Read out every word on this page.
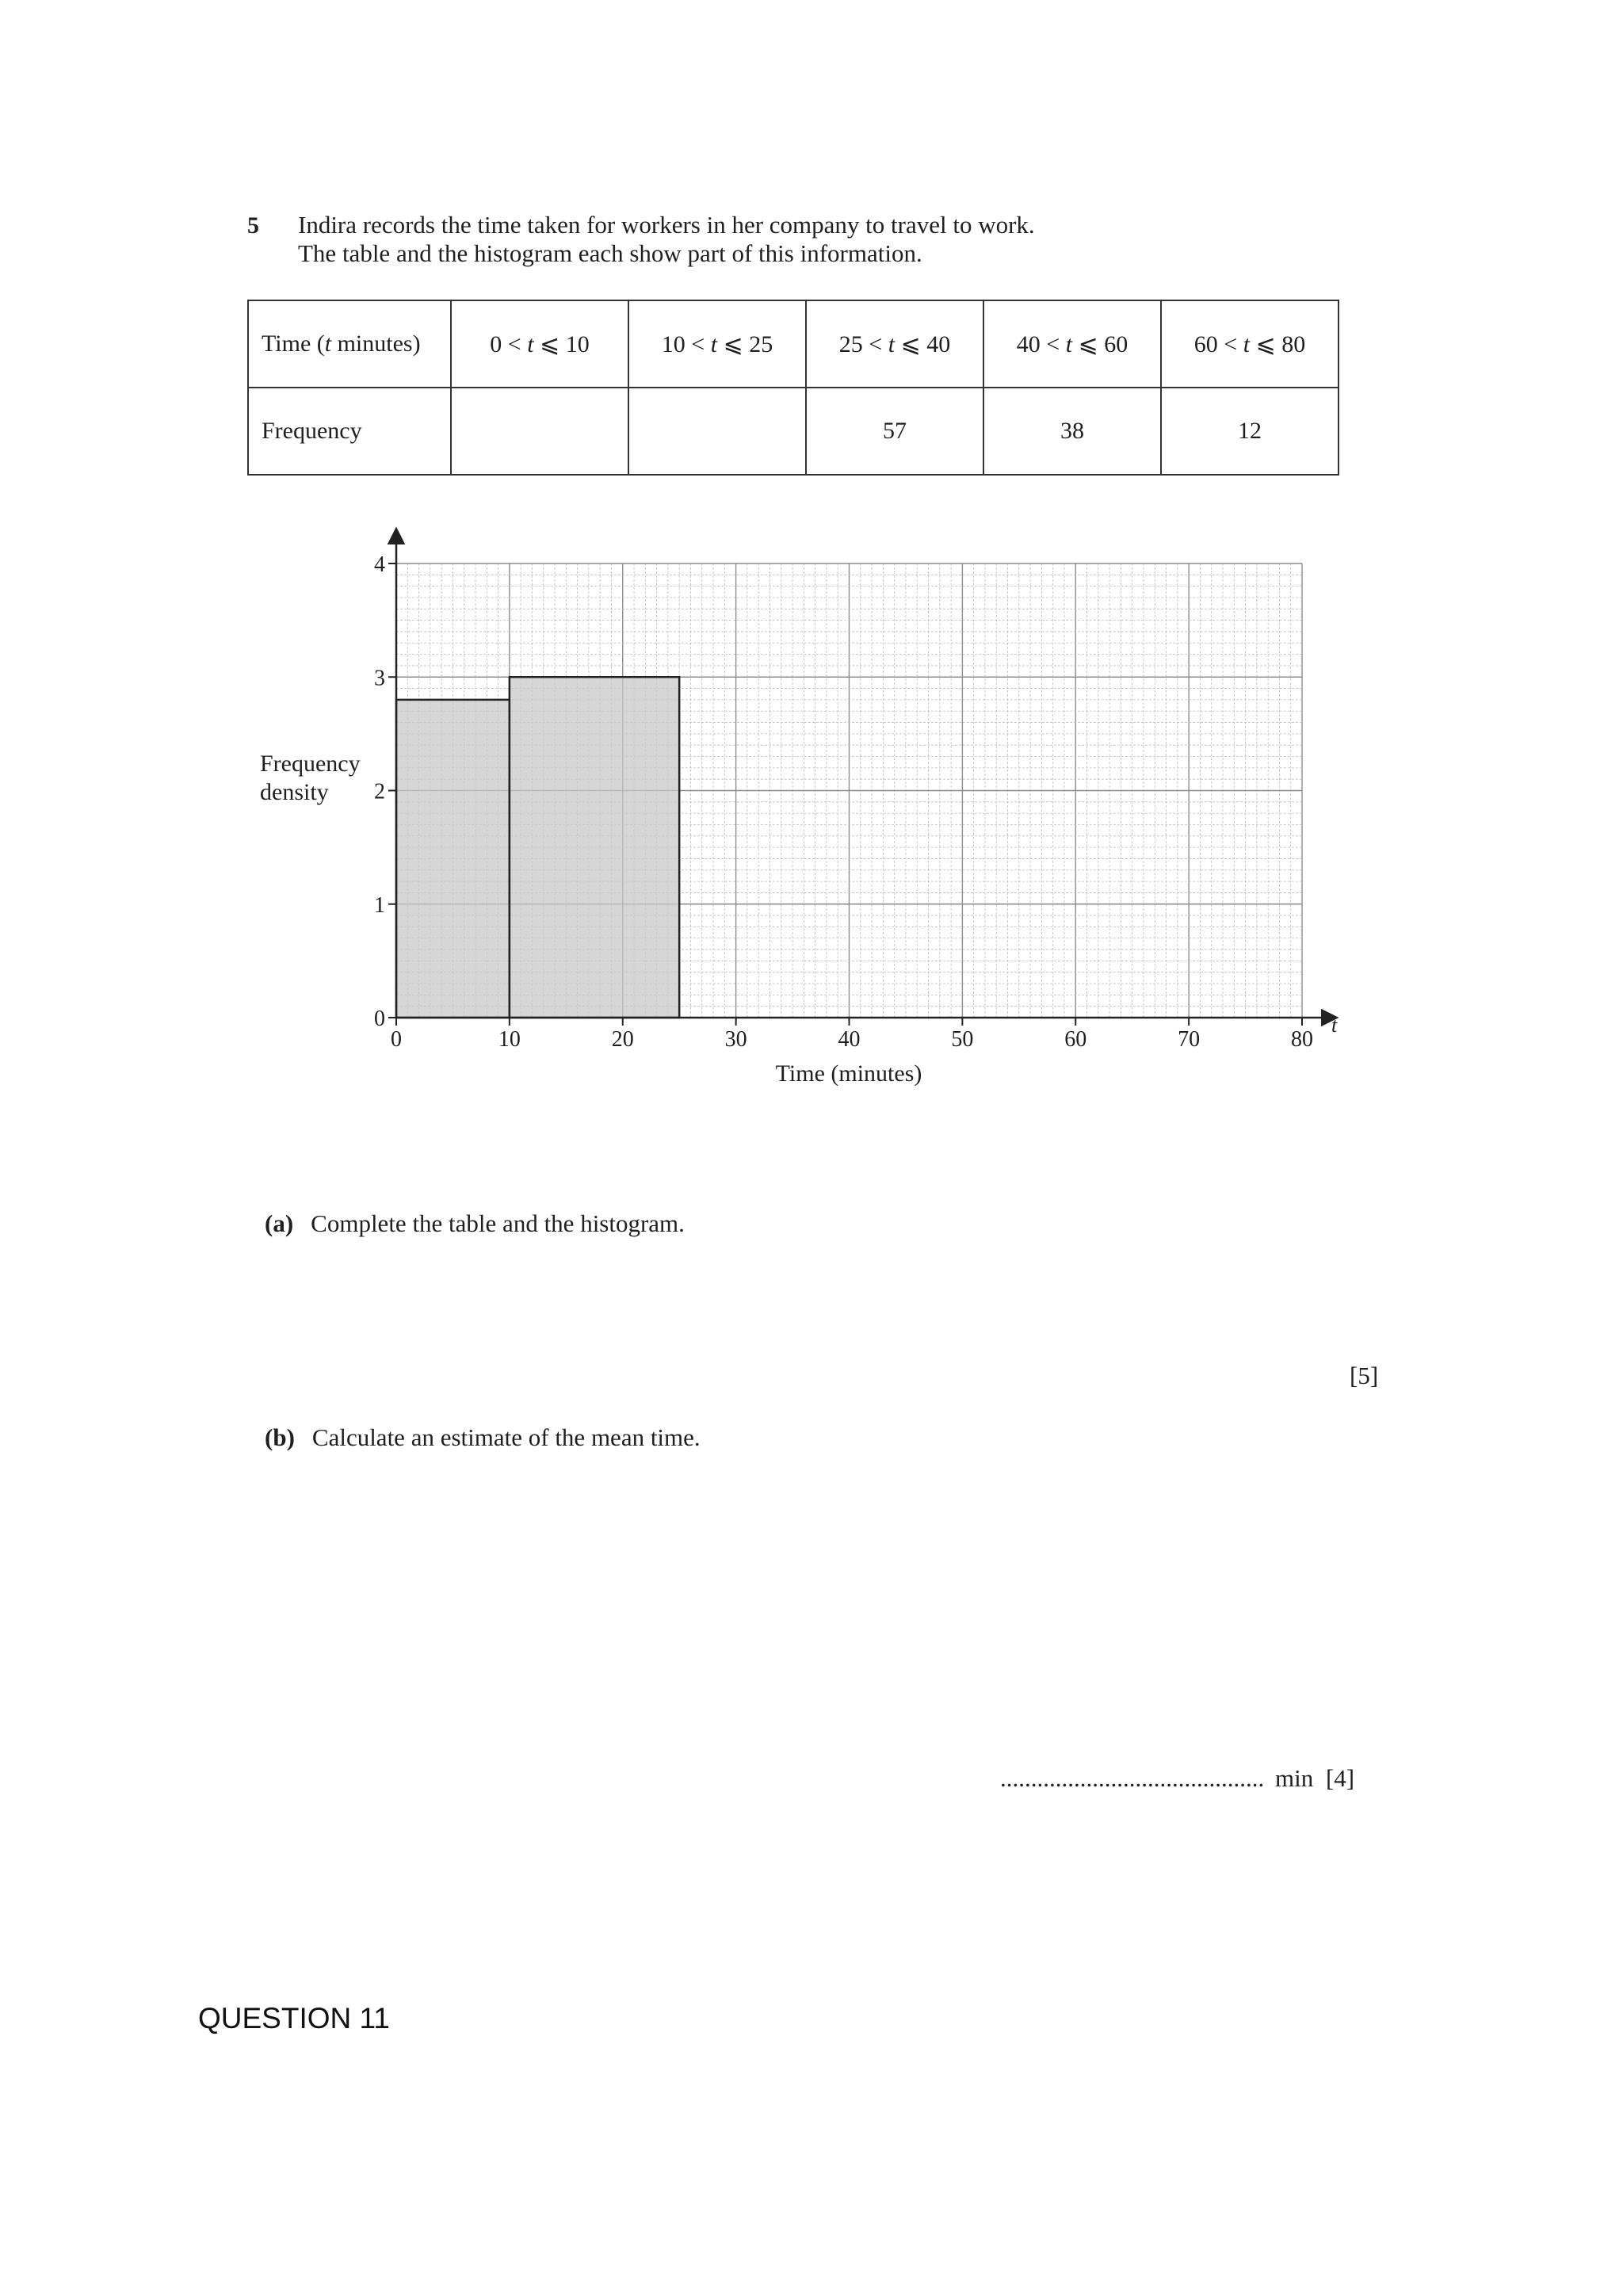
5 Indira records the time taken for workers in her company to travel to work.
The table and the histogram each show part of this information.
Time (t minutes)	0 < t ⩽ 10	10 < t ⩽ 25	25 < t ⩽ 40	40 < t ⩽ 60	60 < t ⩽ 80
Frequency			57	38	12
Frequency
density
0	10	20	30	40	50	60	70	80
0
1
2
3
4
Time (minutes)
t
(a) Complete the table and the histogram.
[5]
(b) Calculate an estimate of the mean time.
........................................... min [4]
QUESTION 11
